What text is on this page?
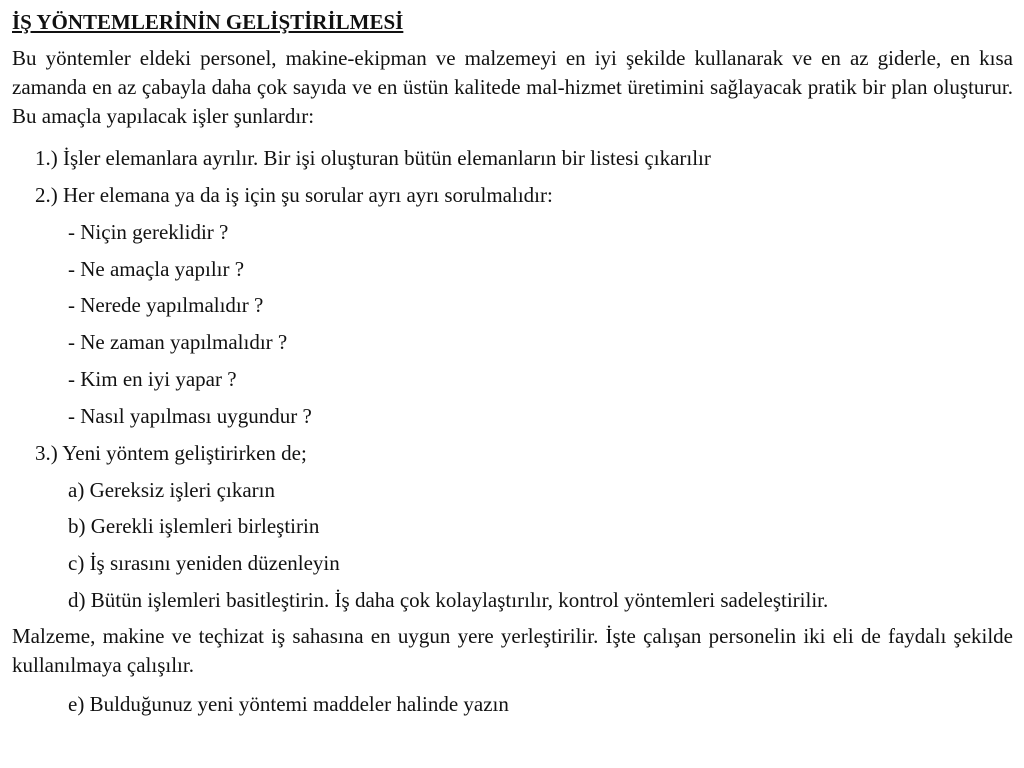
İŞ YÖNTEMLERİNİN GELİŞTİRİLMESİ
Bu yöntemler eldeki personel, makine-ekipman ve malzemeyi en iyi şekilde kullanarak ve en az giderle, en kısa zamanda en az çabayla daha çok sayıda ve en üstün kalitede mal-hizmet üretimini sağlayacak pratik bir plan oluşturur. Bu amaçla yapılacak işler şunlardır:
1.) İşler elemanlara ayrılır. Bir işi oluşturan bütün elemanların bir listesi çıkarılır
2.) Her elemana ya da iş için şu sorular ayrı ayrı sorulmalıdır:
- Niçin gereklidir ?
- Ne amaçla yapılır ?
- Nerede yapılmalıdır ?
- Ne zaman yapılmalıdır ?
- Kim en iyi yapar ?
- Nasıl yapılması uygundur ?
3.) Yeni yöntem geliştirirken de;
a) Gereksiz işleri çıkarın
b) Gerekli işlemleri birleştirin
c) İş sırasını yeniden düzenleyin
d) Bütün işlemleri basitleştirin. İş daha çok kolaylaştırılır, kontrol yöntemleri sadeleştirilir.
Malzeme, makine ve teçhizat iş sahasına en uygun yere yerleştirilir. İşte çalışan personelin iki eli de faydalı şekilde kullanılmaya çalışılır.
e) Bulduğunuz yeni yöntemi maddeler halinde yazın
